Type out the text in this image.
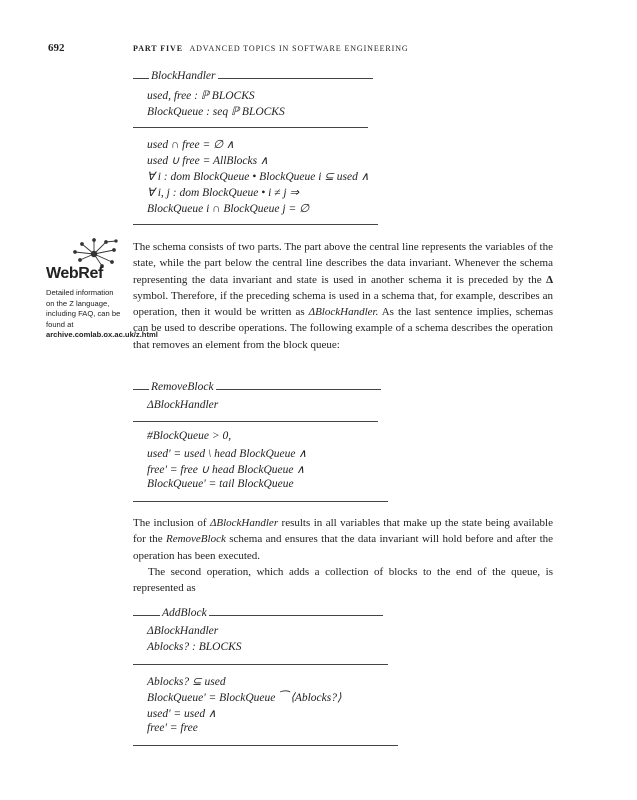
692	PART FIVE ADVANCED TOPICS IN SOFTWARE ENGINEERING
BlockHandler
used, free : ℙ BLOCKS
BlockQueue : seq ℙ BLOCKS
used ∩ free = ∅ ∧
used ∪ free = AllBlocks ∧
∀ i : dom BlockQueue • BlockQueue i ⊆ used ∧
∀ i, j : dom BlockQueue • i ≠ j ⇒
BlockQueue i ∩ BlockQueue j = ∅
WebRef
Detailed information on the Z language, including FAQ, can be found at archive.comlab.ox.ac.uk/z.html

The schema consists of two parts. The part above the central line represents the variables of the state, while the part below the central line describes the data invariant. Whenever the schema representing the data invariant and state is used in another schema it is preceded by the Δ symbol. Therefore, if the preceding schema is used in a schema that, for example, describes an operation, then it would be written as ΔBlockHandler. As the last sentence implies, schemas can be used to describe operations. The following example of a schema describes the operation that removes an element from the block queue:

RemoveBlock
ΔBlockHandler
#BlockQueue > 0,
used' = used \ head BlockQueue ∧
free' = free ∪ head BlockQueue ∧
BlockQueue' = tail BlockQueue

The inclusion of ΔBlockHandler results in all variables that make up the state being available for the RemoveBlock schema and ensures that the data invariant will hold before and after the operation has been executed.

The second operation, which adds a collection of blocks to the end of the queue, is represented as

AddBlock
ΔBlockHandler
Ablocks? : BLOCKS
Ablocks? ⊆ used
BlockQueue' = BlockQueue ⁀ ⟨Ablocks?⟩
used' = used ∧
free' = free
